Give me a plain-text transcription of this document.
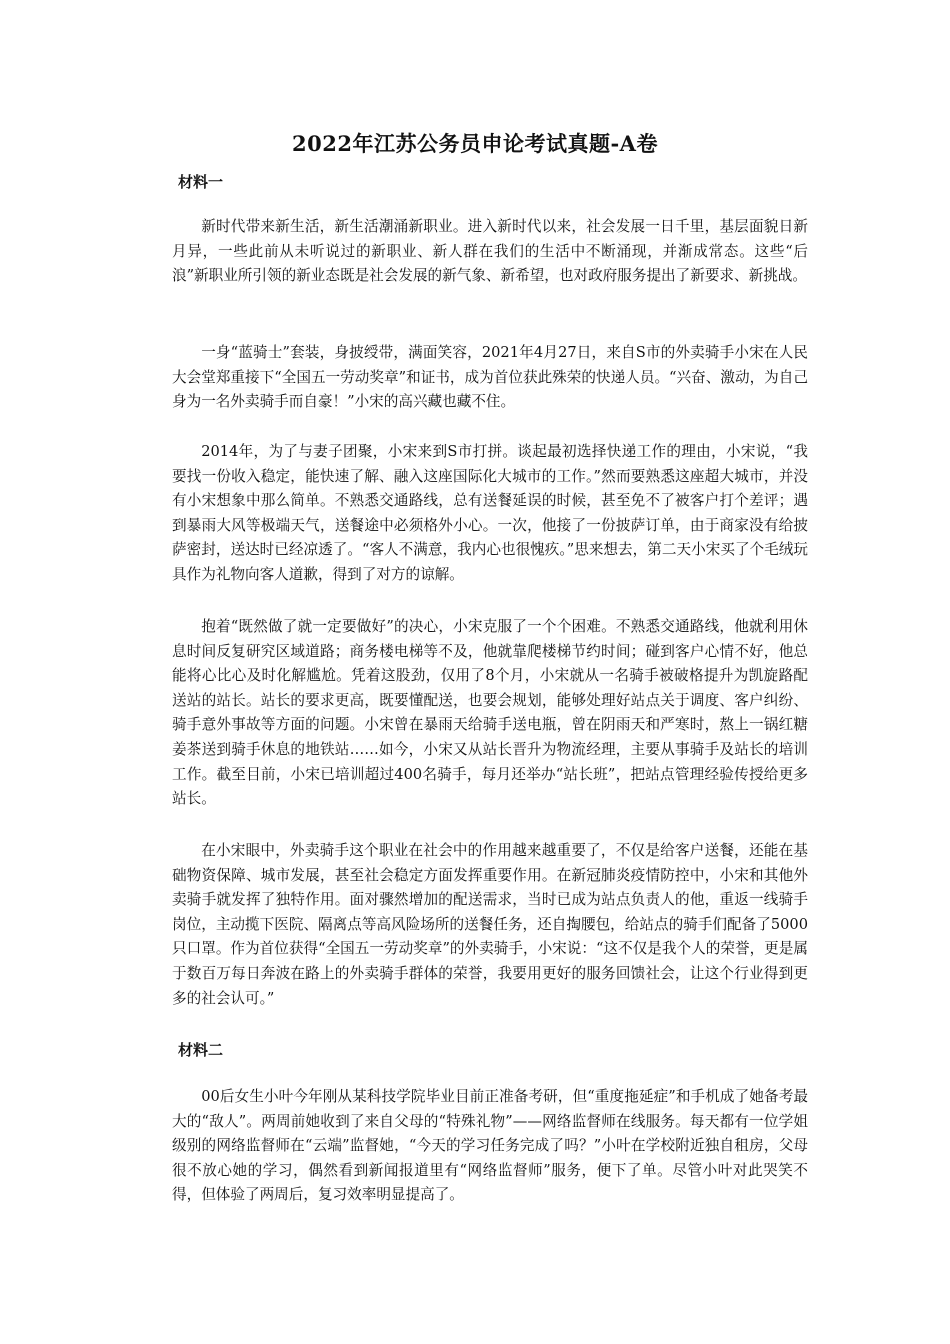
2022年江苏公务员申论考试真题-A卷
材料一

新时代带来新生活，新生活潮涌新职业。进入新时代以来，社会发展一日千里，基层面貌日新月异，一些此前从未听说过的新职业、新人群在我们的生活中不断涌现，并渐成常态。这些“后浪”新职业所引领的新业态既是社会发展的新气象、新希望，也对政府服务提出了新要求、新挑战。

一身“蓝骑士”套装，身披绶带，满面笑容，2021年4月27日，来自S市的外卖骑手小宋在人民大会堂郑重接下“全国五一劳动奖章”和证书，成为首位获此殊荣的快递人员。“兴奋、激动，为自己身为一名外卖骑手而自豪！”小宋的高兴藏也藏不住。

2014年，为了与妻子团聚，小宋来到S市打拼。谈起最初选择快递工作的理由，小宋说，“我要找一份收入稳定，能快速了解、融入这座国际化大城市的工作。”然而要熟悉这座超大城市，并没有小宋想象中那么简单。不熟悉交通路线，总有送餐延误的时候，甚至免不了被客户打个差评；遇到暴雨大风等极端天气，送餐途中必须格外小心。一次，他接了一份披萨订单，由于商家没有给披萨密封，送达时已经凉透了。“客人不满意，我内心也很愧疚。”思来想去，第二天小宋买了个毛绒玩具作为礼物向客人道歉，得到了对方的谅解。

抱着“既然做了就一定要做好”的决心，小宋克服了一个个困难。不熟悉交通路线，他就利用休息时间反复研究区域道路；商务楼电梯等不及，他就靠爬楼梯节约时间；碰到客户心情不好，他总能将心比心及时化解尴尬。凭着这股劲，仅用了8个月，小宋就从一名骑手被破格提升为凯旋路配送站的站长。站长的要求更高，既要懂配送，也要会规划，能够处理好站点关于调度、客户纠纷、骑手意外事故等方面的问题。小宋曾在暴雨天给骑手送电瓶，曾在阴雨天和严寒时，熬上一锅红糖姜茶送到骑手休息的地铁站……如今，小宋又从站长晋升为物流经理，主要从事骑手及站长的培训工作。截至目前，小宋已培训超过400名骑手，每月还举办“站长班”，把站点管理经验传授给更多站长。

在小宋眼中，外卖骑手这个职业在社会中的作用越来越重要了，不仅是给客户送餐，还能在基础物资保障、城市发展，甚至社会稳定方面发挥重要作用。在新冠肺炎疫情防控中，小宋和其他外卖骑手就发挥了独特作用。面对骤然增加的配送需求，当时已成为站点负责人的他，重返一线骑手岗位，主动揽下医院、隔离点等高风险场所的送餐任务，还自掏腰包，给站点的骑手们配备了5000只口罩。作为首位获得“全国五一劳动奖章”的外卖骑手，小宋说：“这不仅是我个人的荣誉，更是属于数百万每日奔波在路上的外卖骑手群体的荣誉，我要用更好的服务回馈社会，让这个行业得到更多的社会认可。”

材料二

00后女生小叶今年刚从某科技学院毕业目前正准备考研，但“重度拖延症”和手机成了她备考最大的“敌人”。两周前她收到了来自父母的“特殊礼物”——网络监督师在线服务。每天都有一位学姐级别的网络监督师在“云端”监督她，“今天的学习任务完成了吗？”小叶在学校附近独自租房，父母很不放心她的学习，偶然看到新闻报道里有“网络监督师”服务，便下了单。尽管小叶对此哭笑不得，但体验了两周后，复习效率明显提高了。
